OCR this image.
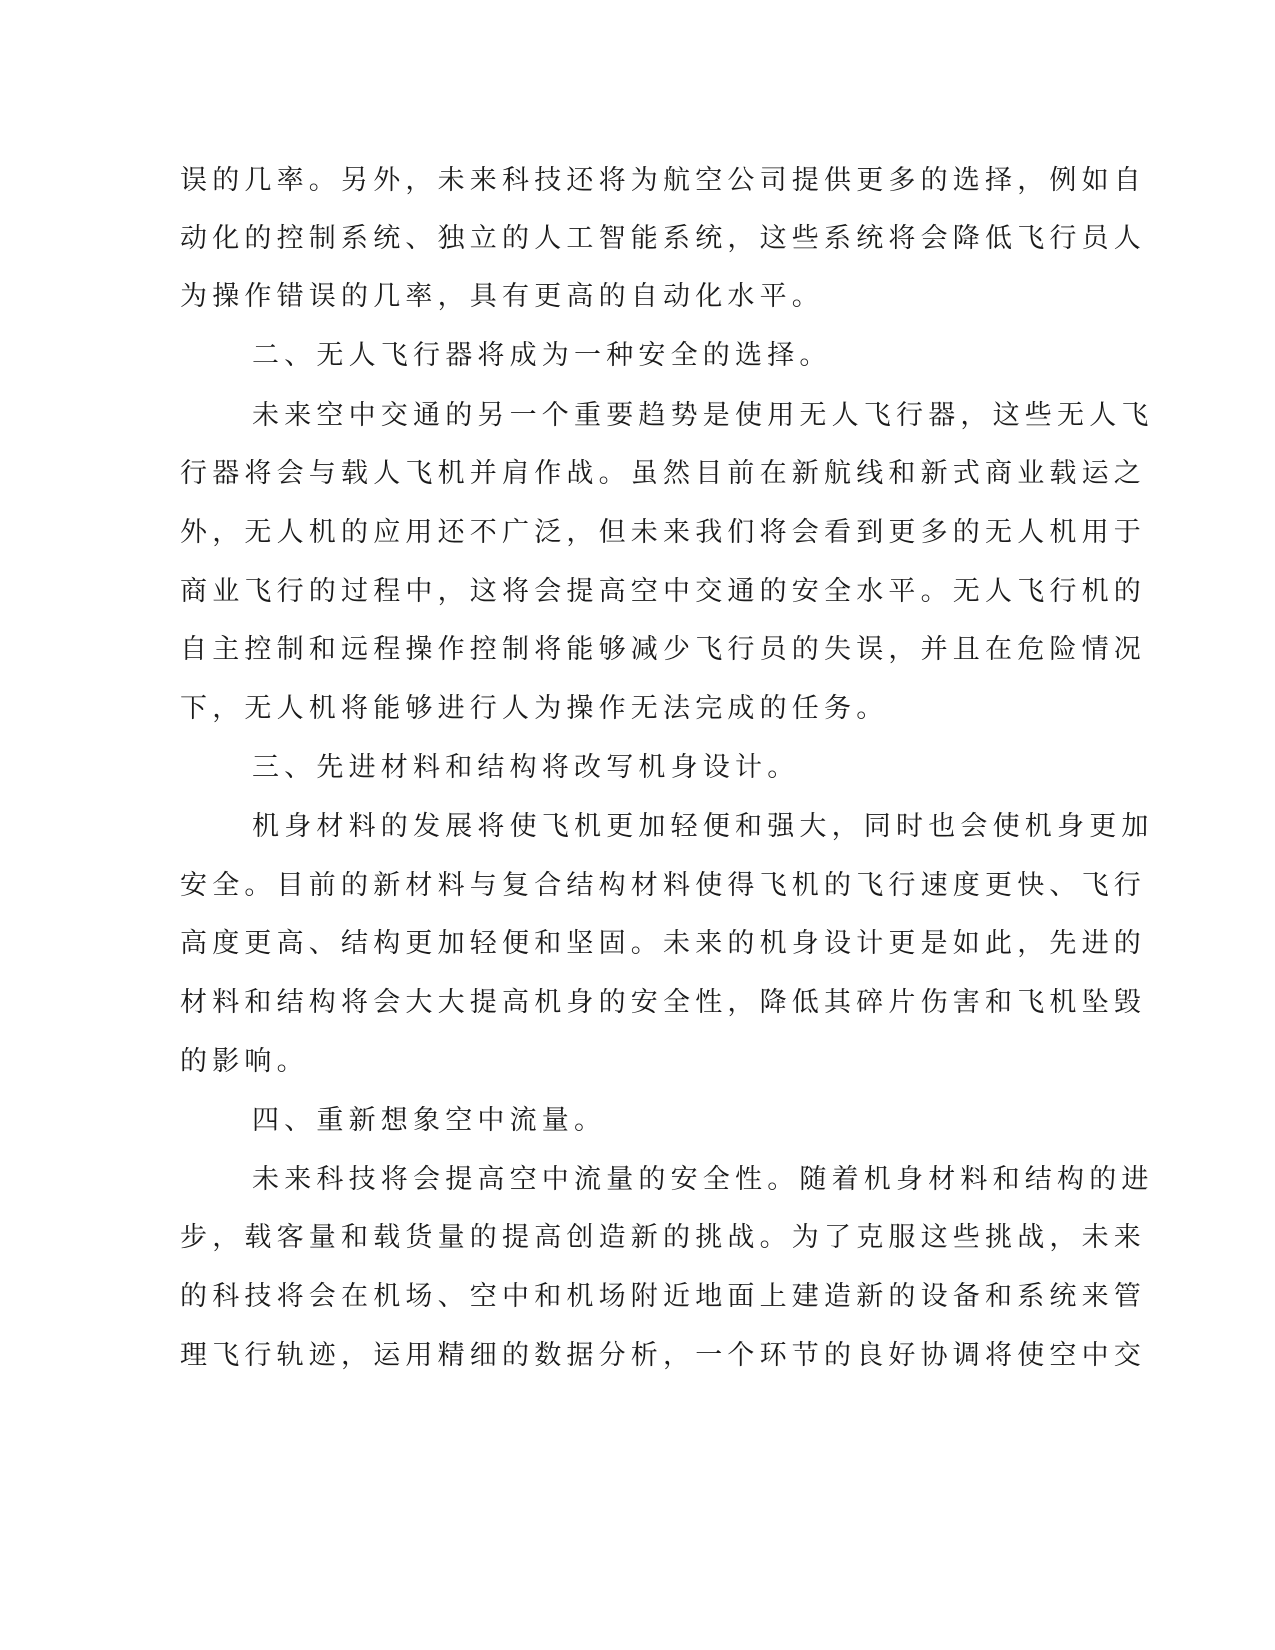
误的几率。另外，未来科技还将为航空公司提供更多的选择，例如自
动化的控制系统、独立的人工智能系统，这些系统将会降低飞行员人
为操作错误的几率，具有更高的自动化水平。
二、无人飞行器将成为一种安全的选择。
未来空中交通的另一个重要趋势是使用无人飞行器，这些无人飞
行器将会与载人飞机并肩作战。虽然目前在新航线和新式商业载运之
外，无人机的应用还不广泛，但未来我们将会看到更多的无人机用于
商业飞行的过程中，这将会提高空中交通的安全水平。无人飞行机的
自主控制和远程操作控制将能够减少飞行员的失误，并且在危险情况
下，无人机将能够进行人为操作无法完成的任务。
三、先进材料和结构将改写机身设计。
机身材料的发展将使飞机更加轻便和强大，同时也会使机身更加
安全。目前的新材料与复合结构材料使得飞机的飞行速度更快、飞行
高度更高、结构更加轻便和坚固。未来的机身设计更是如此，先进的
材料和结构将会大大提高机身的安全性，降低其碎片伤害和飞机坠毁
的影响。
四、重新想象空中流量。
未来科技将会提高空中流量的安全性。随着机身材料和结构的进
步，载客量和载货量的提高创造新的挑战。为了克服这些挑战，未来
的科技将会在机场、空中和机场附近地面上建造新的设备和系统来管
理飞行轨迹，运用精细的数据分析，一个环节的良好协调将使空中交
